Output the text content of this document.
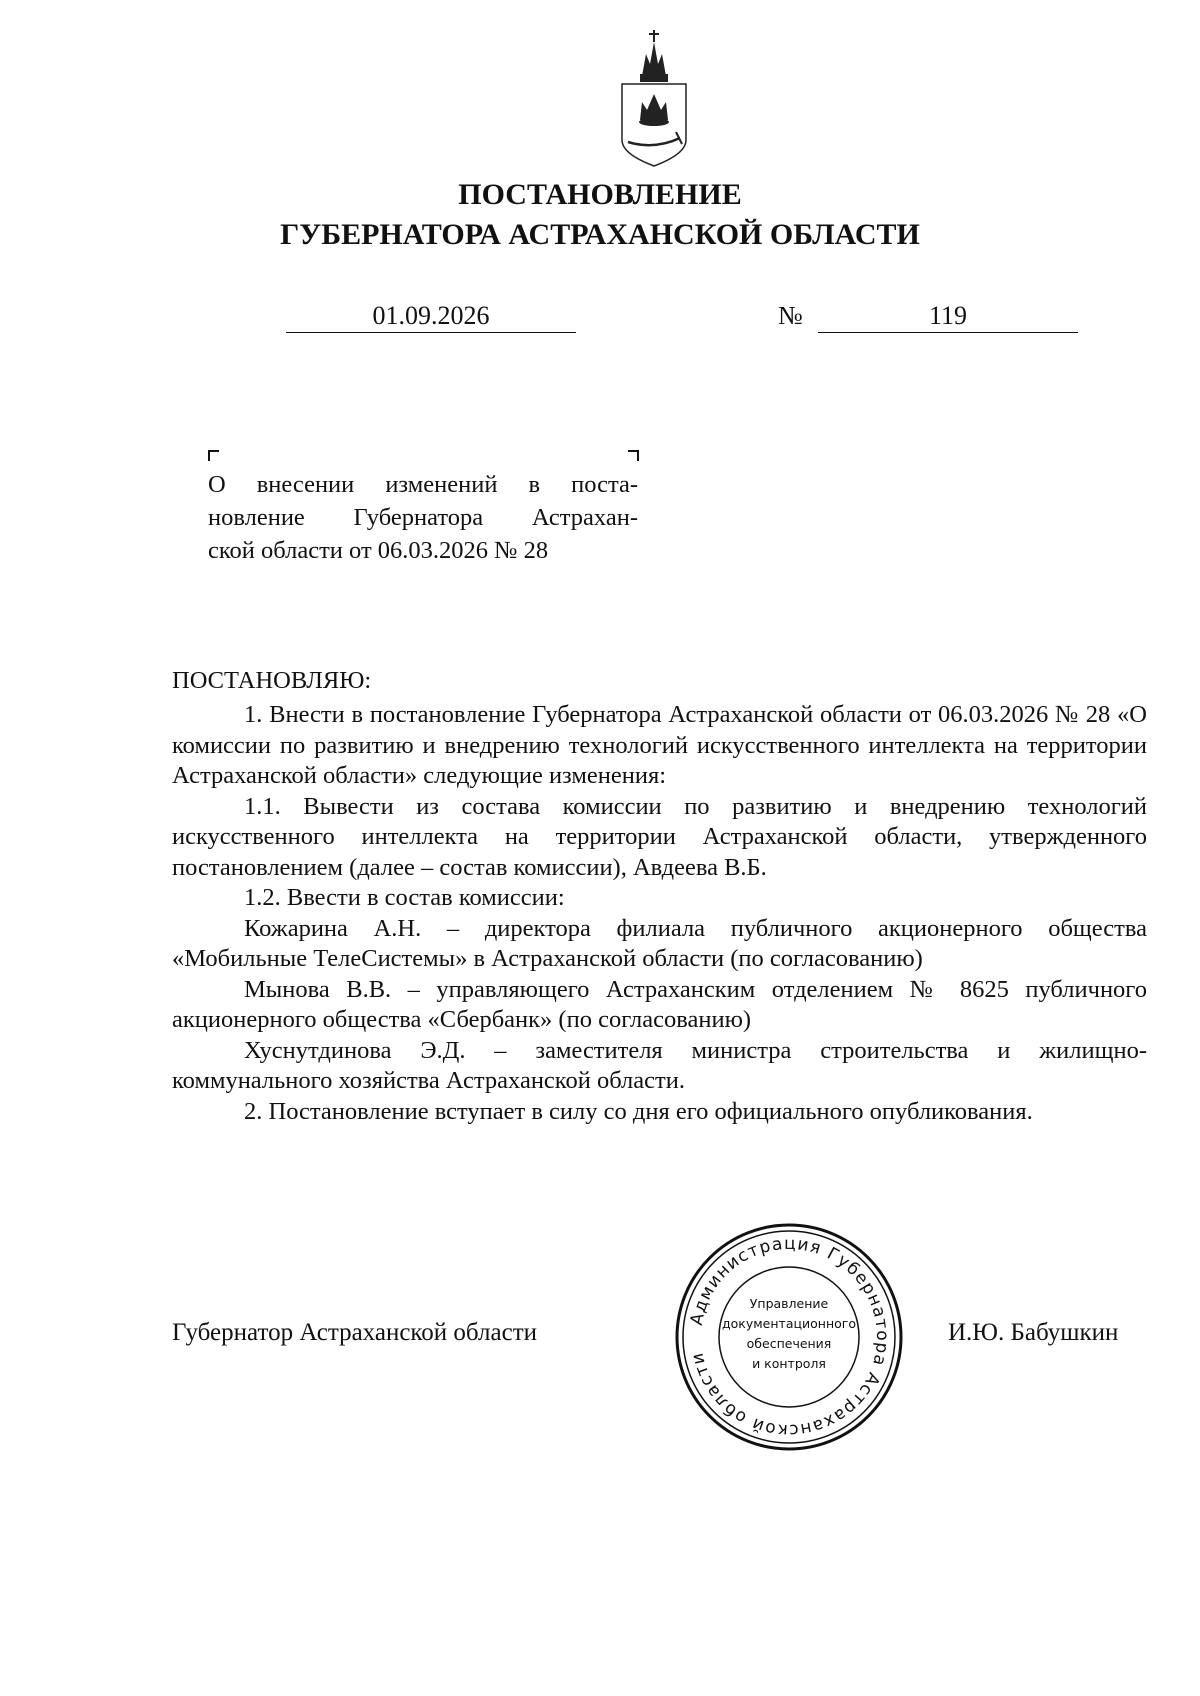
ПОСТАНОВЛЕНИЕ
ГУБЕРНАТОРА АСТРАХАНСКОЙ ОБЛАСТИ
01.09.2026	№	119
О внесении изменений в поста-
новление Губернатора Астрахан-
ской области от 06.03.2026 № 28
ПОСТАНОВЛЯЮ:

1. Внести в постановление Губернатора Астраханской области от 06.03.2026 № 28 «О комиссии по развитию и внедрению технологий искусственного интеллекта на территории Астраханской области» следующие изменения:

1.1. Вывести из состава комиссии по развитию и внедрению технологий искусственного интеллекта на территории Астраханской области, утвержденного постановлением (далее – состав комиссии), Авдеева В.Б.

1.2. Ввести в состав комиссии:

Кожарина А.Н. – директора филиала публичного акционерного общества «Мобильные ТелеСистемы» в Астраханской области (по согласованию)

Мынова В.В. – управляющего Астраханским отделением № 8625 публичного акционерного общества «Сбербанк» (по согласованию)

Хуснутдинова Э.Д. – заместителя министра строительства и жилищно-коммунального хозяйства Астраханской области.

2. Постановление вступает в силу со дня его официального опубликования.

Губернатор Астраханской области	И.Ю. Бабушкин
Администрация Губернатора Астраханской области
Управление
документационного
обеспечения
и контроля
